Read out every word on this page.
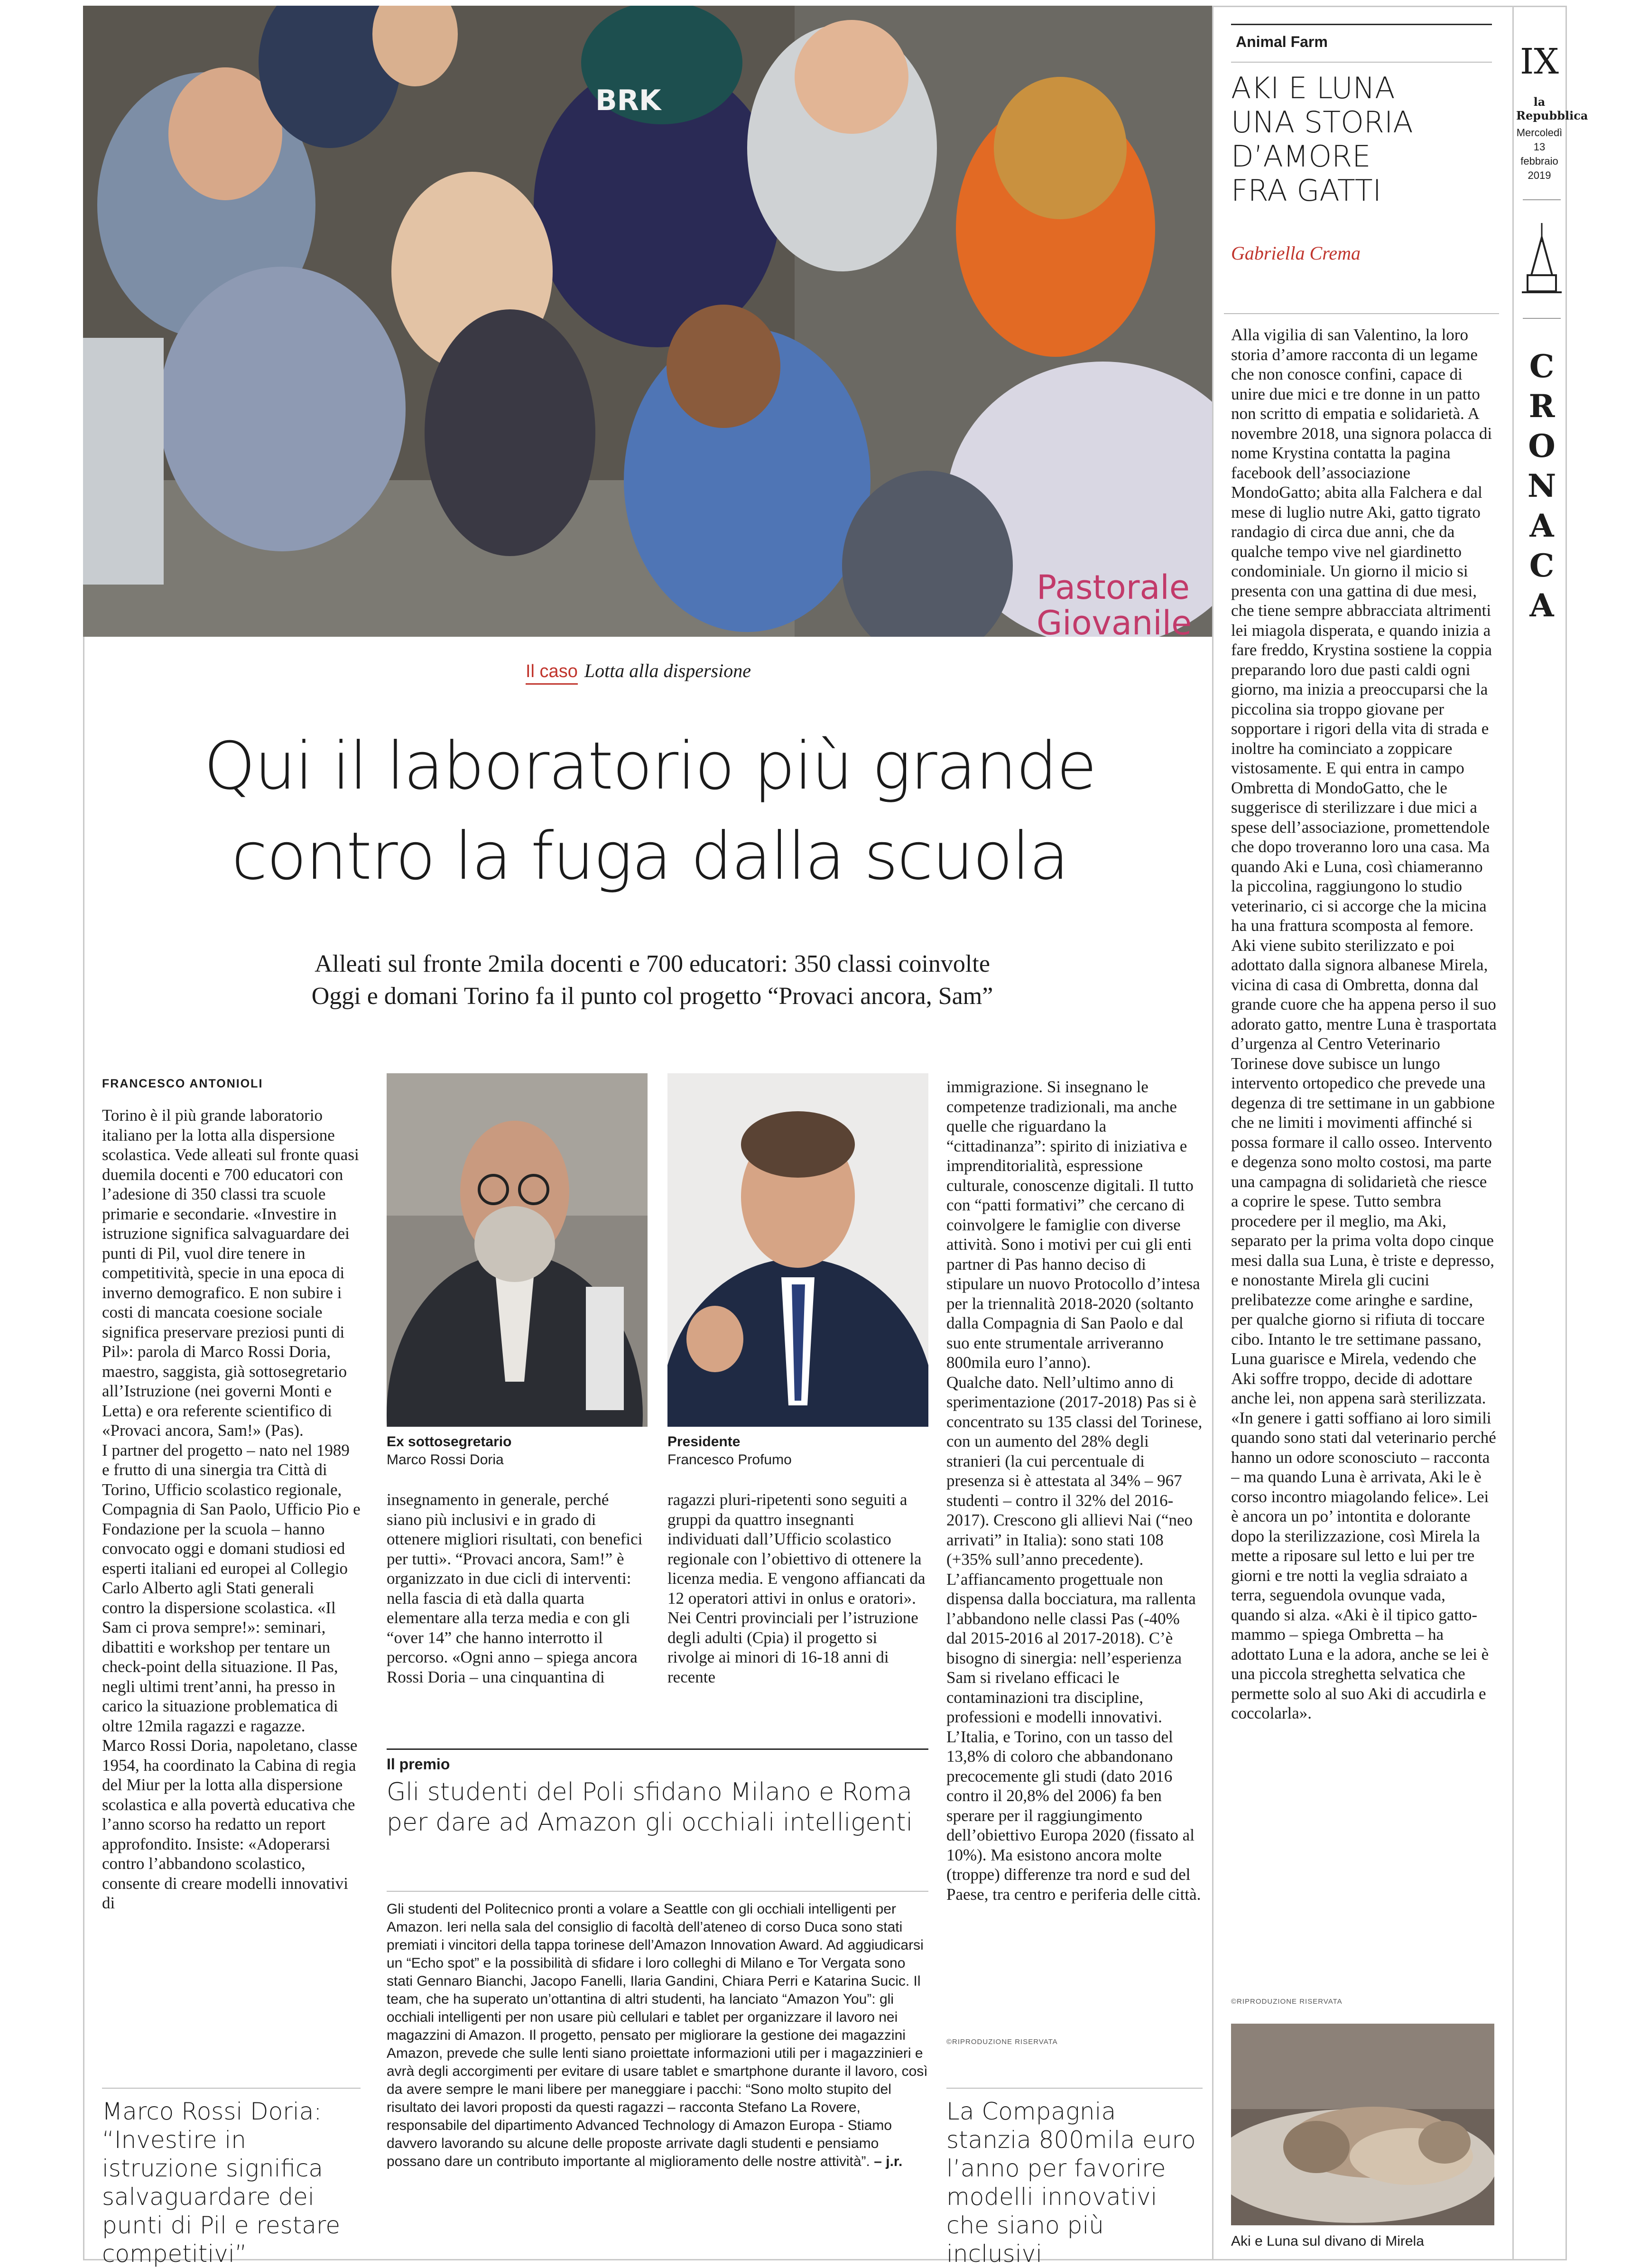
BRK
Pastorale
Giovanile
IX
la Repubblica
Mercoledì
13 febbraio
2019
C
R
O
N
A
C
A
Il caso Lotta alla dispersione
Qui il laboratorio più grande
contro la fuga dalla scuola
Alleati sul fronte 2mila docenti e 700 educatori: 350 classi coinvolte
Oggi e domani Torino fa il punto col progetto “Provaci ancora, Sam”
FRANCESCO ANTONIOLI
Torino è il più grande laboratorio italiano per la lotta alla dispersione scolastica. Vede alleati sul fronte quasi duemila docenti e 700 educatori con l’adesione di 350 classi tra scuole primarie e secondarie. «Investire in istruzione significa salvaguardare dei punti di Pil, vuol dire tenere in competitività, specie in una epoca di inverno demografico. E non subire i costi di mancata coesione sociale significa preservare preziosi punti di Pil»: parola di Marco Rossi Doria, maestro, saggista, già sottosegretario all’Istruzione (nei governi Monti e Letta) e ora referente scientifico di «Provaci ancora, Sam!» (Pas).
I partner del progetto – nato nel 1989 e frutto di una sinergia tra Città di Torino, Ufficio scolastico regionale, Compagnia di San Paolo, Ufficio Pio e Fondazione per la scuola – hanno convocato oggi e domani studiosi ed esperti italiani ed europei al Collegio Carlo Alberto agli Stati generali contro la dispersione scolastica. «Il Sam ci prova sempre!»: seminari, dibattiti e workshop per tentare un check-point della situazione. Il Pas, negli ultimi trent’anni, ha presso in carico la situazione problematica di oltre 12mila ragazzi e ragazze.
Marco Rossi Doria, napoletano, classe 1954, ha coordinato la Cabina di regia del Miur per la lotta alla dispersione scolastica e alla povertà educativa che l’anno scorso ha redatto un report approfondito. Insiste: «Adoperarsi contro l’abbandono scolastico, consente di creare modelli innovativi di
Ex sottosegretario
Marco Rossi Doria
Presidente
Francesco Profumo
insegnamento in generale, perché siano più inclusivi e in grado di ottenere migliori risultati, con benefici per tutti». “Provaci ancora, Sam!” è organizzato in due cicli di interventi: nella fascia di età dalla quarta elementare alla terza media e con gli “over 14” che hanno interrotto il percorso. «Ogni anno – spiega ancora Rossi Doria – una cinquantina di
ragazzi pluri-ripetenti sono seguiti a gruppi da quattro insegnanti individuati dall’Ufficio scolastico regionale con l’obiettivo di ottenere la licenza media. E vengono affiancati da 12 operatori attivi in onlus e oratori».
Nei Centri provinciali per l’istruzione degli adulti (Cpia) il progetto si rivolge ai minori di 16-18 anni di recente
immigrazione. Si insegnano le competenze tradizionali, ma anche quelle che riguardano la “cittadinanza”: spirito di iniziativa e imprenditorialità, espressione culturale, conoscenze digitali. Il tutto con “patti formativi” che cercano di coinvolgere le famiglie con diverse attività. Sono i motivi per cui gli enti partner di Pas hanno deciso di stipulare un nuovo Protocollo d’intesa per la triennalità 2018-2020 (soltanto dalla Compagnia di San Paolo e dal suo ente strumentale arriveranno 800mila euro l’anno).
Qualche dato. Nell’ultimo anno di sperimentazione (2017-2018) Pas si è concentrato su 135 classi del Torinese, con un aumento del 28% degli stranieri (la cui percentuale di presenza si è attestata al 34% – 967 studenti – contro il 32% del 2016-2017). Crescono gli allievi Nai (“neo arrivati” in Italia): sono stati 108 (+35% sull’anno precedente).
L’affiancamento progettuale non dispensa dalla bocciatura, ma rallenta l’abbandono nelle classi Pas (-40% dal 2015-2016 al 2017-2018). C’è bisogno di sinergia: nell’esperienza Sam si rivelano efficaci le contaminazioni tra discipline, professioni e modelli innovativi.
L’Italia, e Torino, con un tasso del 13,8% di coloro che abbandonano precocemente gli studi (dato 2016 contro il 20,8% del 2006) fa ben sperare per il raggiungimento dell’obiettivo Europa 2020 (fissato al 10%). Ma esistono ancora molte (troppe) differenze tra nord e sud del Paese, tra centro e periferia delle città.
©RIPRODUZIONE RISERVATA
Il premio
Gli studenti del Poli sfidano Milano e Roma per dare ad Amazon gli occhiali intelligenti
Gli studenti del Politecnico pronti a volare a Seattle con gli occhiali intelligenti per Amazon. Ieri nella sala del consiglio di facoltà dell’ateneo di corso Duca sono stati premiati i vincitori della tappa torinese dell’Amazon Innovation Award. Ad aggiudicarsi un “Echo spot” e la possibilità di sfidare i loro colleghi di Milano e Tor Vergata sono stati Gennaro Bianchi, Jacopo Fanelli, Ilaria Gandini, Chiara Perri e Katarina Sucic. Il team, che ha superato un’ottantina di altri studenti, ha lanciato “Amazon You”: gli occhiali intelligenti per non usare più cellulari e tablet per organizzare il lavoro nei magazzini di Amazon. Il progetto, pensato per migliorare la gestione dei magazzini Amazon, prevede che sulle lenti siano proiettate informazioni utili per i magazzinieri e avrà degli accorgimenti per evitare di usare tablet e smartphone durante il lavoro, così da avere sempre le mani libere per maneggiare i pacchi: “Sono molto stupito del risultato dei lavori proposti da questi ragazzi – racconta Stefano La Rovere, responsabile del dipartimento Advanced Technology di Amazon Europa - Stiamo davvero lavorando su alcune delle proposte arrivate dagli studenti e pensiamo possano dare un contributo importante al miglioramento delle nostre attività”. – j.r.
Marco Rossi Doria: “Investire in istruzione significa salvaguardare dei punti di Pil e restare competitivi”
La Compagnia stanzia 800mila euro l’anno per favorire modelli innovativi che siano più inclusivi
Animal Farm
AKI E LUNA
UNA STORIA
D’AMORE
FRA GATTI
Gabriella Crema
Alla vigilia di san Valentino, la loro storia d’amore racconta di un legame che non conosce confini, capace di unire due mici e tre donne in un patto non scritto di empatia e solidarietà. A novembre 2018, una signora polacca di nome Krystina contatta la pagina facebook dell’associazione MondoGatto; abita alla Falchera e dal mese di luglio nutre Aki, gatto tigrato randagio di circa due anni, che da qualche tempo vive nel giardinetto condominiale. Un giorno il micio si presenta con una gattina di due mesi, che tiene sempre abbracciata altrimenti lei miagola disperata, e quando inizia a fare freddo, Krystina sostiene la coppia preparando loro due pasti caldi ogni giorno, ma inizia a preoccuparsi che la piccolina sia troppo giovane per sopportare i rigori della vita di strada e inoltre ha cominciato a zoppicare vistosamente. E qui entra in campo Ombretta di MondoGatto, che le suggerisce di sterilizzare i due mici a spese dell’associazione, promettendole che dopo troveranno loro una casa. Ma quando Aki e Luna, così chiameranno la piccolina, raggiungono lo studio veterinario, ci si accorge che la micina ha una frattura scomposta al femore. Aki viene subito sterilizzato e poi adottato dalla signora albanese Mirela, vicina di casa di Ombretta, donna dal grande cuore che ha appena perso il suo adorato gatto, mentre Luna è trasportata d’urgenza al Centro Veterinario Torinese dove subisce un lungo intervento ortopedico che prevede una degenza di tre settimane in un gabbione che ne limiti i movimenti affinché si possa formare il callo osseo. Intervento e degenza sono molto costosi, ma parte una campagna di solidarietà che riesce a coprire le spese. Tutto sembra procedere per il meglio, ma Aki, separato per la prima volta dopo cinque mesi dalla sua Luna, è triste e depresso, e nonostante Mirela gli cucini prelibatezze come aringhe e sardine, per qualche giorno si rifiuta di toccare cibo. Intanto le tre settimane passano, Luna guarisce e Mirela, vedendo che Aki soffre troppo, decide di adottare anche lei, non appena sarà sterilizzata. «In genere i gatti soffiano ai loro simili quando sono stati dal veterinario perché hanno un odore sconosciuto – racconta – ma quando Luna è arrivata, Aki le è corso incontro miagolando felice». Lei è ancora un po’ intontita e dolorante dopo la sterilizzazione, così Mirela la mette a riposare sul letto e lui per tre giorni e tre notti la veglia sdraiato a terra, seguendola ovunque vada, quando si alza. «Aki è il tipico gatto-mammo – spiega Ombretta – ha adottato Luna e la adora, anche se lei è una piccola streghetta selvatica che permette solo al suo Aki di accudirla e coccolarla».
©RIPRODUZIONE RISERVATA
Aki e Luna sul divano di Mirela
